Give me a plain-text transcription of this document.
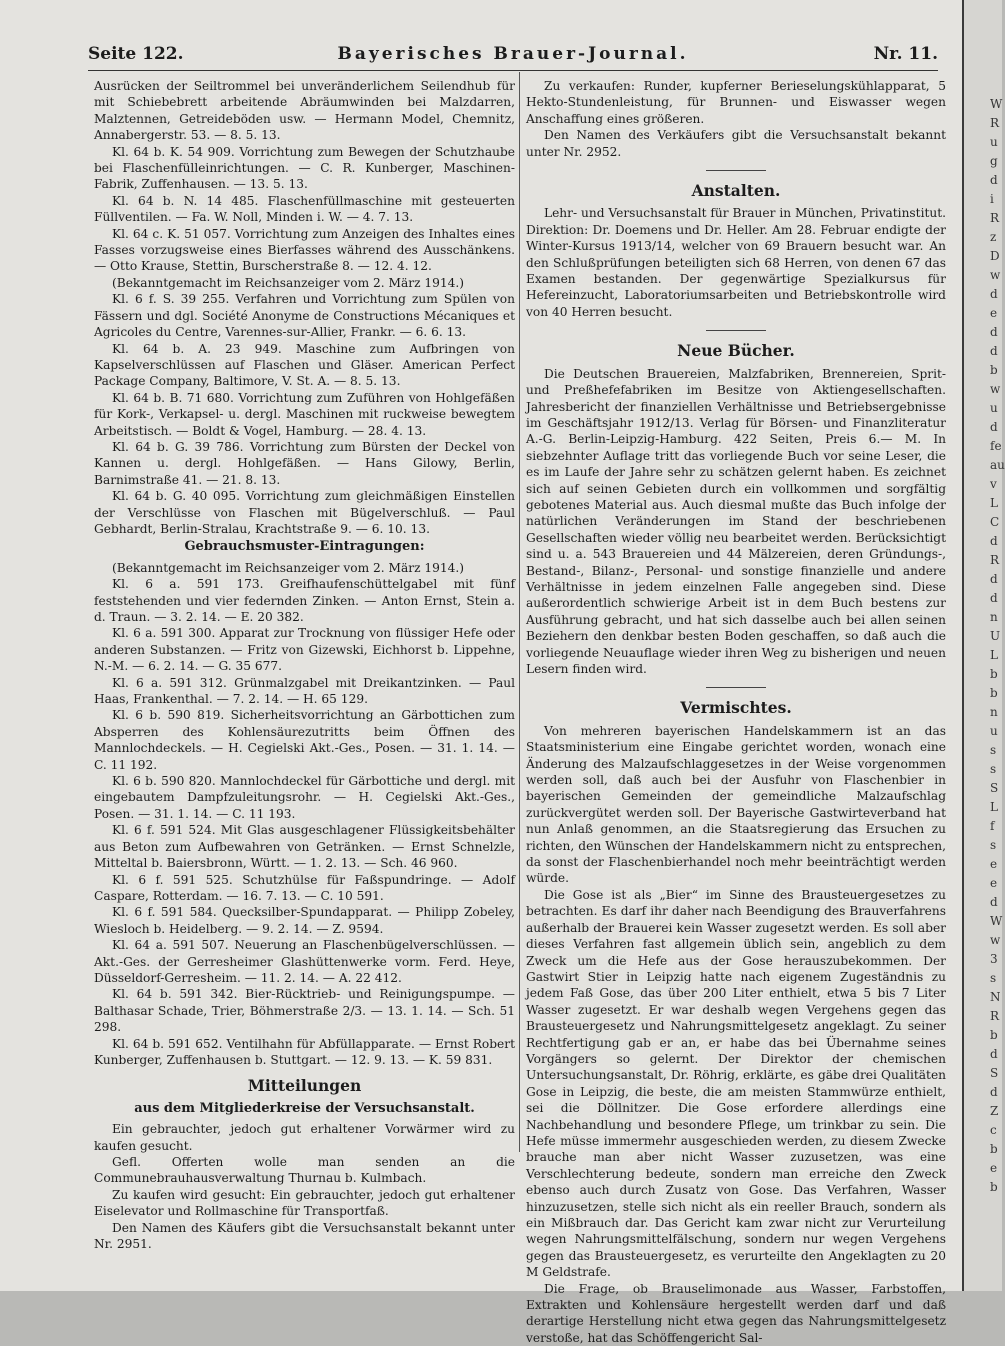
Seite 122.	Bayerisches Brauer-Journal.	Nr. 11.

Ausrücken der Seiltrommel bei unveränderlichem Seilendhub für mit Schiebebrett arbeitende Abräumwinden bei Malzdarren, Malztennen, Getreideböden usw. — Hermann Model, Chemnitz, Annabergerstr. 53. — 8. 5. 13.

Kl. 64 b. K. 54 909. Vorrichtung zum Bewegen der Schutzhaube bei Flaschenfülleinrichtungen. — C. R. Kunberger, Maschinen-Fabrik, Zuffenhausen. — 13. 5. 13.

Kl. 64 b. N. 14 485. Flaschenfüllmaschine mit gesteuerten Füllventilen. — Fa. W. Noll, Minden i. W. — 4. 7. 13.

Kl. 64 c. K. 51 057. Vorrichtung zum Anzeigen des Inhaltes eines Fasses vorzugsweise eines Bierfasses während des Ausschänkens. — Otto Krause, Stettin, Burscherstraße 8. — 12. 4. 12.

(Bekanntgemacht im Reichsanzeiger vom 2. März 1914.)

Kl. 6 f. S. 39 255. Verfahren und Vorrichtung zum Spülen von Fässern und dgl. Société Anonyme de Constructions Mécaniques et Agricoles du Centre, Varennes-sur-Allier, Frankr. — 6. 6. 13.

Kl. 64 b. A. 23 949. Maschine zum Aufbringen von Kapselverschlüssen auf Flaschen und Gläser. American Perfect Package Company, Baltimore, V. St. A. — 8. 5. 13.

Kl. 64 b. B. 71 680. Vorrichtung zum Zuführen von Hohlgefäßen für Kork-, Verkapsel- u. dergl. Maschinen mit ruckweise bewegtem Arbeitstisch. — Boldt & Vogel, Hamburg. — 28. 4. 13.

Kl. 64 b. G. 39 786. Vorrichtung zum Bürsten der Deckel von Kannen u. dergl. Hohlgefäßen. — Hans Gilowy, Berlin, Barnimstraße 41. — 21. 8. 13.

Kl. 64 b. G. 40 095. Vorrichtung zum gleichmäßigen Einstellen der Verschlüsse von Flaschen mit Bügelverschluß. — Paul Gebhardt, Berlin-Stralau, Krachtstraße 9. — 6. 10. 13.

Gebrauchsmuster-Eintragungen:

(Bekanntgemacht im Reichsanzeiger vom 2. März 1914.)

Kl. 6 a. 591 173. Greifhaufenschüttelgabel mit fünf feststehenden und vier federnden Zinken. — Anton Ernst, Stein a. d. Traun. — 3. 2. 14. — E. 20 382.

Kl. 6 a. 591 300. Apparat zur Trocknung von flüssiger Hefe oder anderen Substanzen. — Fritz von Gizewski, Eichhorst b. Lippehne, N.-M. — 6. 2. 14. — G. 35 677.

Kl. 6 a. 591 312. Grünmalzgabel mit Dreikantzinken. — Paul Haas, Frankenthal. — 7. 2. 14. — H. 65 129.

Kl. 6 b. 590 819. Sicherheitsvorrichtung an Gärbottichen zum Absperren des Kohlensäurezutritts beim Öffnen des Mannlochdeckels. — H. Cegielski Akt.-Ges., Posen. — 31. 1. 14. — C. 11 192.

Kl. 6 b. 590 820. Mannlochdeckel für Gärbottiche und dergl. mit eingebautem Dampfzuleitungsrohr. — H. Cegielski Akt.-Ges., Posen. — 31. 1. 14. — C. 11 193.

Kl. 6 f. 591 524. Mit Glas ausgeschlagener Flüssigkeitsbehälter aus Beton zum Aufbewahren von Getränken. — Ernst Schnelzle, Mitteltal b. Baiersbronn, Württ. — 1. 2. 13. — Sch. 46 960.

Kl. 6 f. 591 525. Schutzhülse für Faßspundringe. — Adolf Caspare, Rotterdam. — 16. 7. 13. — C. 10 591.

Kl. 6 f. 591 584. Quecksilber-Spundapparat. — Philipp Zobeley, Wiesloch b. Heidelberg. — 9. 2. 14. — Z. 9594.

Kl. 64 a. 591 507. Neuerung an Flaschenbügelverschlüssen. — Akt.-Ges. der Gerresheimer Glashüttenwerke vorm. Ferd. Heye, Düsseldorf-Gerresheim. — 11. 2. 14. — A. 22 412.

Kl. 64 b. 591 342. Bier-Rücktrieb- und Reinigungspumpe. — Balthasar Schade, Trier, Böhmerstraße 2/3. — 13. 1. 14. — Sch. 51 298.

Kl. 64 b. 591 652. Ventilhahn für Abfüllapparate. — Ernst Robert Kunberger, Zuffenhausen b. Stuttgart. — 12. 9. 13. — K. 59 831.

Mitteilungen
aus dem Mitgliederkreise der Versuchsanstalt.

Ein gebrauchter, jedoch gut erhaltener Vorwärmer wird zu kaufen gesucht.

Gefl. Offerten wolle man senden an die Communebrauhausverwaltung Thurnau b. Kulmbach.

Zu kaufen wird gesucht: Ein gebrauchter, jedoch gut erhaltener Eiselevator und Rollmaschine für Transportfaß.

Den Namen des Käufers gibt die Versuchsanstalt bekannt unter Nr. 2951.

Zu verkaufen: Runder, kupferner Berieselungskühlapparat, 5 Hekto-Stundenleistung, für Brunnen- und Eiswasser wegen Anschaffung eines größeren.

Den Namen des Verkäufers gibt die Versuchsanstalt bekannt unter Nr. 2952.

Anstalten.

Lehr- und Versuchsanstalt für Brauer in München, Privatinstitut. Direktion: Dr. Doemens und Dr. Heller. Am 28. Februar endigte der Winter-Kursus 1913/14, welcher von 69 Brauern besucht war. An den Schlußprüfungen beteiligten sich 68 Herren, von denen 67 das Examen bestanden. Der gegenwärtige Spezialkursus für Hefereinzucht, Laboratoriumsarbeiten und Betriebskontrolle wird von 40 Herren besucht.

Neue Bücher.

Die Deutschen Brauereien, Malzfabriken, Brennereien, Sprit- und Preßhefefabriken im Besitze von Aktiengesellschaften. Jahresbericht der finanziellen Verhältnisse und Betriebsergebnisse im Geschäftsjahr 1912/13. Verlag für Börsen- und Finanzliteratur A.-G. Berlin-Leipzig-Hamburg. 422 Seiten, Preis 6.— M. In siebzehnter Auflage tritt das vorliegende Buch vor seine Leser, die es im Laufe der Jahre sehr zu schätzen gelernt haben. Es zeichnet sich auf seinen Gebieten durch ein vollkommen und sorgfältig gebotenes Material aus. Auch diesmal mußte das Buch infolge der natürlichen Veränderungen im Stand der beschriebenen Gesellschaften wieder völlig neu bearbeitet werden. Berücksichtigt sind u. a. 543 Brauereien und 44 Mälzereien, deren Gründungs-, Bestand-, Bilanz-, Personal- und sonstige finanzielle und andere Verhältnisse in jedem einzelnen Falle angegeben sind. Diese außerordentlich schwierige Arbeit ist in dem Buch bestens zur Ausführung gebracht, und hat sich dasselbe auch bei allen seinen Beziehern den denkbar besten Boden geschaffen, so daß auch die vorliegende Neuauflage wieder ihren Weg zu bisherigen und neuen Lesern finden wird.

Vermischtes.

Von mehreren bayerischen Handelskammern ist an das Staatsministerium eine Eingabe gerichtet worden, wonach eine Änderung des Malzaufschlaggesetzes in der Weise vorgenommen werden soll, daß auch bei der Ausfuhr von Flaschenbier in bayerischen Gemeinden der gemeindliche Malzaufschlag zurückvergütet werden soll. Der Bayerische Gastwirteverband hat nun Anlaß genommen, an die Staatsregierung das Ersuchen zu richten, den Wünschen der Handelskammern nicht zu entsprechen, da sonst der Flaschenbierhandel noch mehr beeinträchtigt werden würde.

Die Gose ist als „Bier“ im Sinne des Brausteuergesetzes zu betrachten. Es darf ihr daher nach Beendigung des Brauverfahrens außerhalb der Brauerei kein Wasser zugesetzt werden. Es soll aber dieses Verfahren fast allgemein üblich sein, angeblich zu dem Zweck um die Hefe aus der Gose herauszubekommen. Der Gastwirt Stier in Leipzig hatte nach eigenem Zugeständnis zu jedem Faß Gose, das über 200 Liter enthielt, etwa 5 bis 7 Liter Wasser zugesetzt. Er war deshalb wegen Vergehens gegen das Brausteuergesetz und Nahrungsmittelgesetz angeklagt. Zu seiner Rechtfertigung gab er an, er habe das bei Übernahme seines Vorgängers so gelernt. Der Direktor der chemischen Untersuchungsanstalt, Dr. Röhrig, erklärte, es gäbe drei Qualitäten Gose in Leipzig, die beste, die am meisten Stammwürze enthielt, sei die Döllnitzer. Die Gose erfordere allerdings eine Nachbehandlung und besondere Pflege, um trinkbar zu sein. Die Hefe müsse immermehr ausgeschieden werden, zu diesem Zwecke brauche man aber nicht Wasser zuzusetzen, was eine Verschlechterung bedeute, sondern man erreiche den Zweck ebenso auch durch Zusatz von Gose. Das Verfahren, Wasser hinzuzusetzen, stelle sich nicht als ein reeller Brauch, sondern als ein Mißbrauch dar. Das Gericht kam zwar nicht zur Verurteilung wegen Nahrungsmittelfälschung, sondern nur wegen Vergehens gegen das Brausteuergesetz, es verurteilte den Angeklagten zu 20 M Geldstrafe.

Die Frage, ob Brauselimonade aus Wasser, Farbstoffen, Extrakten und Kohlensäure hergestellt werden darf und daß derartige Herstellung nicht etwa gegen das Nahrungsmittelgesetz verstoße, hat das Schöffengericht Sal-

W
R
u
g
d
i
R
z
D
w
d
e
d
d
b
w
u
d
fe
au
v
L
C
d
R
d
d
n
U
L
b
b
n
u
s
s
S
L
f
s
e
e
d
W
w
3
s
N
R
b
d
S
d
Z
c
b
e
b
